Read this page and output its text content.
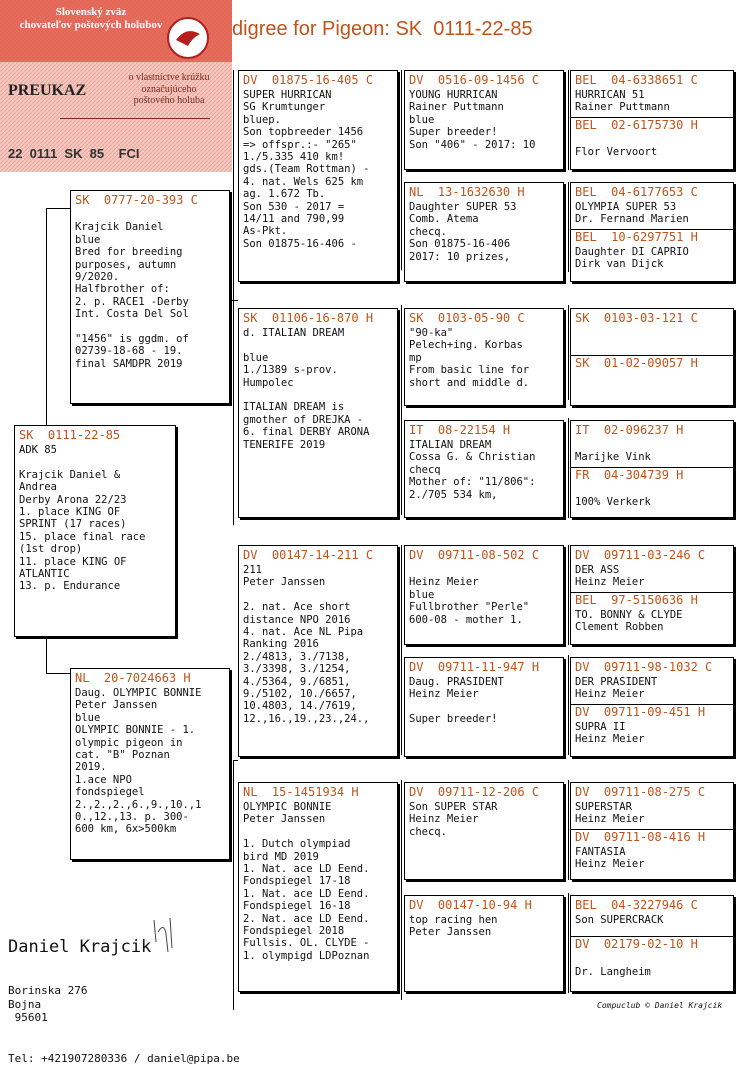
Slovenský zväz
chovateľov poštových holubov
PREUKAZ
o vlastníctve krúžku
označujúceho
poštového holuba
22  0111  SK  85    FCI
digree for Pigeon: SK  0111-22-85
SK  0111-22-85
ADK 85

Krajcik Daniel &
Andrea
Derby Arona 22/23
1. place KING OF
SPRINT (17 races)
15. place final race
(1st drop)
11. place KING OF
ATLANTIC
13. p. Endurance
SK  0777-20-393 C

Krajcik Daniel
blue
Bred for breeding
purposes, autumn
9/2020.
Halfbrother of:
2. p. RACE1 -Derby
Int. Costa Del Sol

"1456" is ggdm. of
02739-18-68 - 19.
final SAMDPR 2019
NL  20-7024663 H
Daug. OLYMPIC BONNIE
Peter Janssen
blue
OLYMPIC BONNIE - 1.
olympic pigeon in
cat. "B" Poznan
2019.
1.ace NPO
fondspiegel
2.,2.,2.,6.,9.,10.,1
0.,12.,13. p. 300-
600 km, 6x>500km
DV  01875-16-405 C
SUPER HURRICAN
SG Krumtunger
bluep.
Son topbreeder 1456
=> offspr.:- "265"
1./5.335 410 km!
gds.(Team Rottman) -
4. nat. Wels 625 km
ag. 1.672 Tb.
Son 530 - 2017 =
14/11 and 790,99
As-Pkt.
Son 01875-16-406 -
SK  01106-16-870 H
d. ITALIAN DREAM

blue
1./1389 s-prov.
Humpolec

ITALIAN DREAM is
gmother of DREJKA -
6. final DERBY ARONA
TENERIFE 2019
DV  00147-14-211 C
211
Peter Janssen

2. nat. Ace short
distance NPO 2016
4. nat. Ace NL Pipa
Ranking 2016
2./4813, 3./7138,
3./3398, 3./1254,
4./5364, 9./6851,
9./5102, 10./6657,
10.4803, 14./7619,
12.,16.,19.,23.,24.,
NL  15-1451934 H
OLYMPIC BONNIE
Peter Janssen

1. Dutch olympiad
bird MD 2019
1. Nat. ace LD Eend.
Fondspiegel 17-18
1. Nat. ace LD Eend.
Fondspiegel 16-18
2. Nat. ace LD Eend.
Fondspiegel 2018
Fullsis. OL. CLYDE -
1. olympigd LDPoznan
DV  0516-09-1456 C
YOUNG HURRICAN
Rainer Puttmann
blue
Super breeder!
Son "406" - 2017: 10
NL  13-1632630 H
Daughter SUPER 53
Comb. Atema
checq.
Son 01875-16-406
2017: 10 prizes,
SK  0103-05-90 C
"90-ka"
Pelech+ing. Korbas
mp
From basic line for
short and middle d.
IT  08-22154 H
ITALIAN DREAM
Cossa G. & Christian
checq
Mother of: "11/806":
2./705 534 km,
DV  09711-08-502 C

Heinz Meier
blue
Fullbrother "Perle"
600-08 - mother 1.
DV  09711-11-947 H
Daug. PRASIDENT
Heinz Meier

Super breeder!
DV  09711-12-206 C
Son SUPER STAR
Heinz Meier
checq.
DV  00147-10-94 H
top racing hen
Peter Janssen
BEL  04-6338651 C
HURRICAN 51
Rainer Puttmann
BEL  02-6175730 H

Flor Vervoort
BEL  04-6177653 C
OLYMPIA SUPER 53
Dr. Fernand Marien
BEL  10-6297751 H
Daughter DI CAPRIO
Dirk van Dijck
SK  0103-03-121 C
SK  01-02-09057 H
IT  02-096237 H

Marijke Vink
FR  04-304739 H

100% Verkerk
DV  09711-03-246 C
DER ASS
Heinz Meier
BEL  97-5150636 H
TO. BONNY & CLYDE
Clement Robben
DV  09711-98-1032 C
DER PRASIDENT
Heinz Meier
DV  09711-09-451 H
SUPRA II
Heinz Meier
DV  09711-08-275 C
SUPERSTAR
Heinz Meier
DV  09711-08-416 H
FANTASIA
Heinz Meier
BEL  04-3227946 C
Son SUPERCRACK
DV  02179-02-10 H

Dr. Langheim

Daniel Krajcik

Borinska 276
Bojna
95601

Tel: +421907280336 / daniel@pipa.be

Compuclub © Daniel Krajcik
